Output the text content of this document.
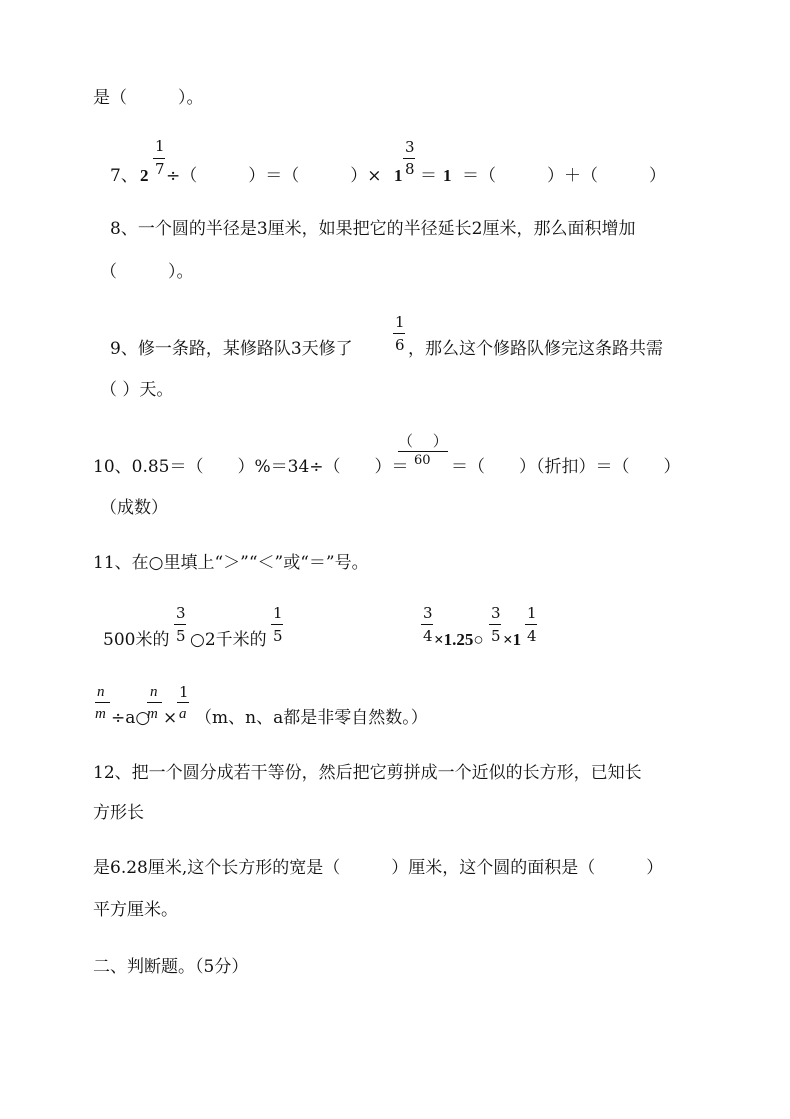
是（　　　）。
7、 2
1
7 ÷（　　　）＝（　　　）× 1
3
8 ＝ 1 ＝（　　　）＋（　　　）
8、一个圆的半径是3厘米，如果把它的半径延长2厘米，那么面积增加
（　　　）。
9、修一条路，某修路队3天修了
1
6 ，那么这个修路队修完这条路共需
（ ）天。
10、0.85＝（　　）%＝34÷（　　）＝
（　 ）
60 ＝（　　）（折扣）＝（　　）
（成数）
11、在○里填上“＞”“＜”或“＝”号。
500米的
3
5 ○2千米的
1
5
3
4 ×1.25○
3
5 ×1
1
4
n
m ÷a○
n
m ×
1
a （m、n、a都是非零自然数。）
12、把一个圆分成若干等份，然后把它剪拼成一个近似的长方形，已知长
方形长
是6.28厘米,这个长方形的宽是（　　　）厘米，这个圆的面积是（　　　）
平方厘米。
二、判断题。（5分）
